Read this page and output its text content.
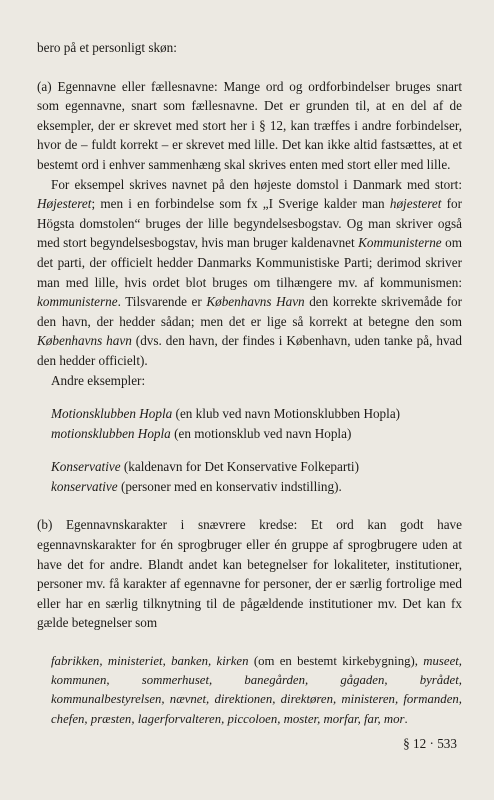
bero på et personligt skøn:

(a) Egennavne eller fællesnavne: Mange ord og ordforbindelser bruges snart som egennavne, snart som fællesnavne. Det er grunden til, at en del af de eksempler, der er skrevet med stort her i § 12, kan træffes i andre forbindelser, hvor de – fuldt korrekt – er skrevet med lille. Det kan ikke altid fastsættes, at et bestemt ord i enhver sammenhæng skal skrives enten med stort eller med lille.

For eksempel skrives navnet på den højeste domstol i Danmark med stort: Højesteret; men i en forbindelse som fx „I Sverige kalder man højesteret for Högsta domstolen“ bruges der lille begyndelsesbogstav. Og man skriver også med stort begyndelsesbogstav, hvis man bruger kaldenavnet Kommunisterne om det parti, der officielt hedder Danmarks Kommunistiske Parti; derimod skriver man med lille, hvis ordet blot bruges om tilhængere mv. af kommunismen: kommunisterne. Tilsvarende er Københavns Havn den korrekte skrivemåde for den havn, der hedder sådan; men det er lige så korrekt at betegne den som Københavns havn (dvs. den havn, der findes i København, uden tanke på, hvad den hedder officielt).

Andre eksempler:

Motionsklubben Hopla (en klub ved navn Motionsklubben Hopla)
motionsklubben Hopla (en motionsklub ved navn Hopla)
Konservative (kaldenavn for Det Konservative Folkeparti)
konservative (personer med en konservativ indstilling).

(b) Egennavnskarakter i snævrere kredse: Et ord kan godt have egennavnskarakter for én sprogbruger eller én gruppe af sprogbrugere uden at have det for andre. Blandt andet kan betegnelser for lokaliteter, institutioner, personer mv. få karakter af egennavne for personer, der er særlig fortrolige med eller har en særlig tilknytning til de pågældende institutioner mv. Det kan fx gælde betegnelser som

fabrikken, ministeriet, banken, kirken (om en bestemt kirkebygning), museet, kommunen, sommerhuset, banegården, gågaden, byrådet, kommunalbestyrelsen, nævnet, direktionen, direktøren, ministeren, formanden, chefen, præsten, lagerforvalteren, piccoloen, moster, morfar, far, mor.

§ 12 · 533
